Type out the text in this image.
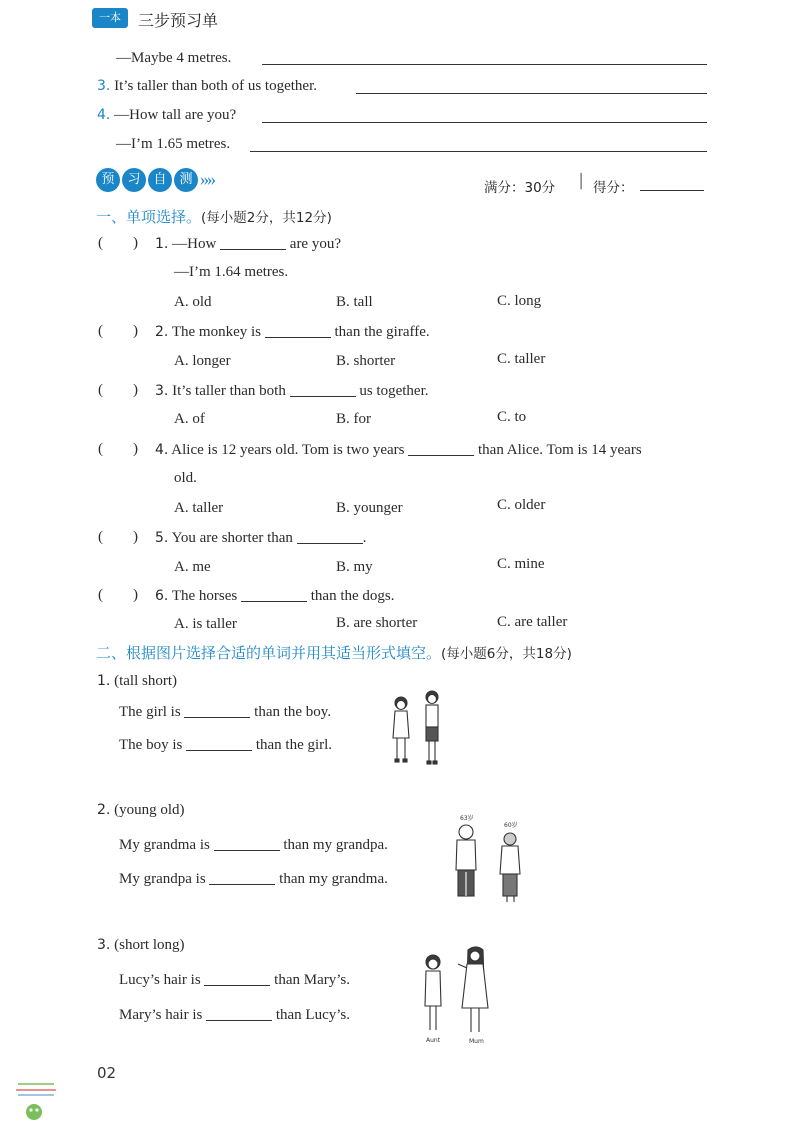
一本	三步预习单
—Maybe 4 metres.
3. It’s taller than both of us together.
4. —How tall are you?
—I’m 1.65 metres.
预 习 自 测 »»	满分：30分 │ 得分：
一、单项选择。(每小题2分，共12分)
(        ) 1. —How	are you?
—I’m 1.64 metres.
A. old	B. tall	C. long
(        ) 2. The monkey is	than the giraffe.
A. longer	B. shorter	C. taller
(        ) 3. It’s taller than both	us together.
A. of	B. for	C. to
(        ) 4. Alice is 12 years old. Tom is two years	than Alice. Tom is 14 years
old.
A. taller	B. younger	C. older
(        ) 5. You are shorter than	.
A. me	B. my	C. mine
(        ) 6. The horses	than the dogs.
A. is taller	B. are shorter	C. are taller
二、根据图片选择合适的单词并用其适当形式填空。(每小题6分，共18分)
1. (tall short)
The girl is	than the boy.
The boy is	than the girl.
2. (young old)
My grandma is	than my grandpa.
My grandpa is	than my grandma.
63岁
60岁
3. (short long)
Lucy’s hair is	than Mary’s.
Mary’s hair is	than Lucy’s.
Aunt	Mum
02
